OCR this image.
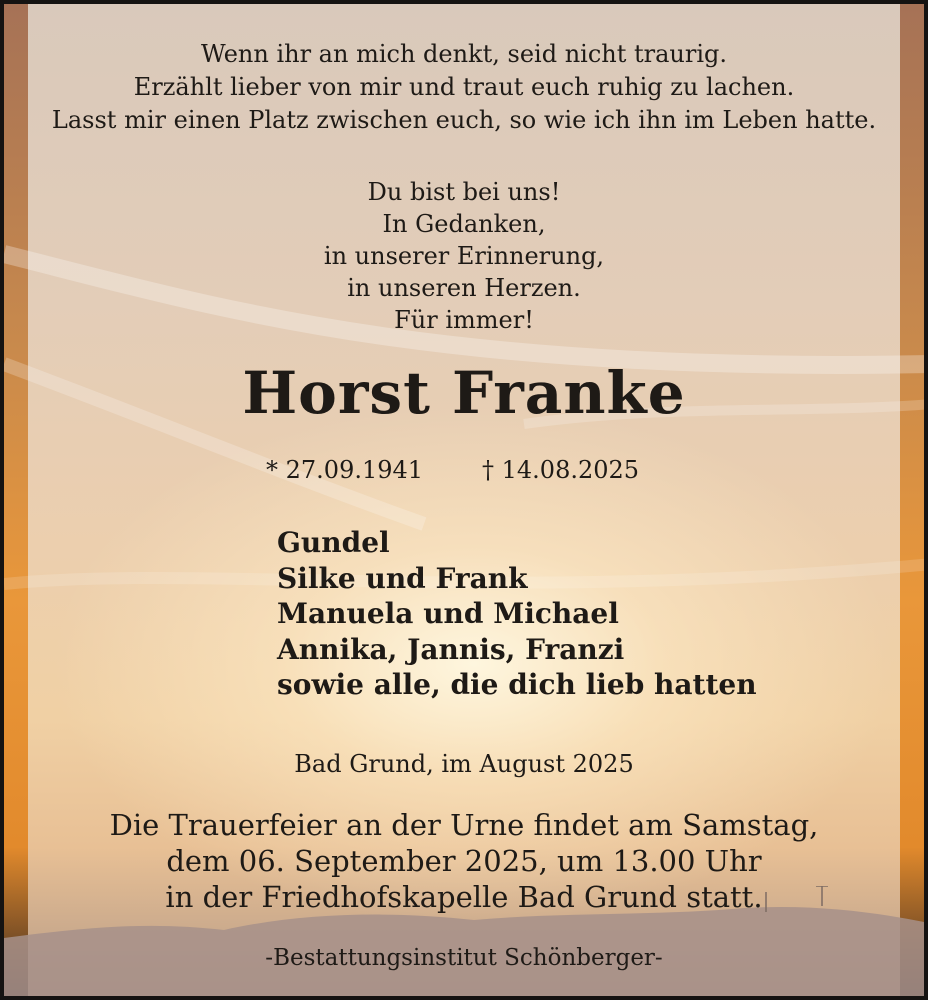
Wenn ihr an mich denkt, seid nicht traurig.
Erzählt lieber von mir und traut euch ruhig zu lachen.
Lasst mir einen Platz zwischen euch, so wie ich ihn im Leben hatte.
Du bist bei uns!
In Gedanken,
in unserer Erinnerung,
in unseren Herzen.
Für immer!
Horst Franke
* 27.09.1941 † 14.08.2025
Gundel
Silke und Frank
Manuela und Michael
Annika, Jannis, Franzi
sowie alle, die dich lieb hatten
Bad Grund, im August 2025
Die Trauerfeier an der Urne findet am Samstag,
dem 06. September 2025, um 13.00 Uhr
in der Friedhofskapelle Bad Grund statt.
-Bestattungsinstitut Schönberger-
